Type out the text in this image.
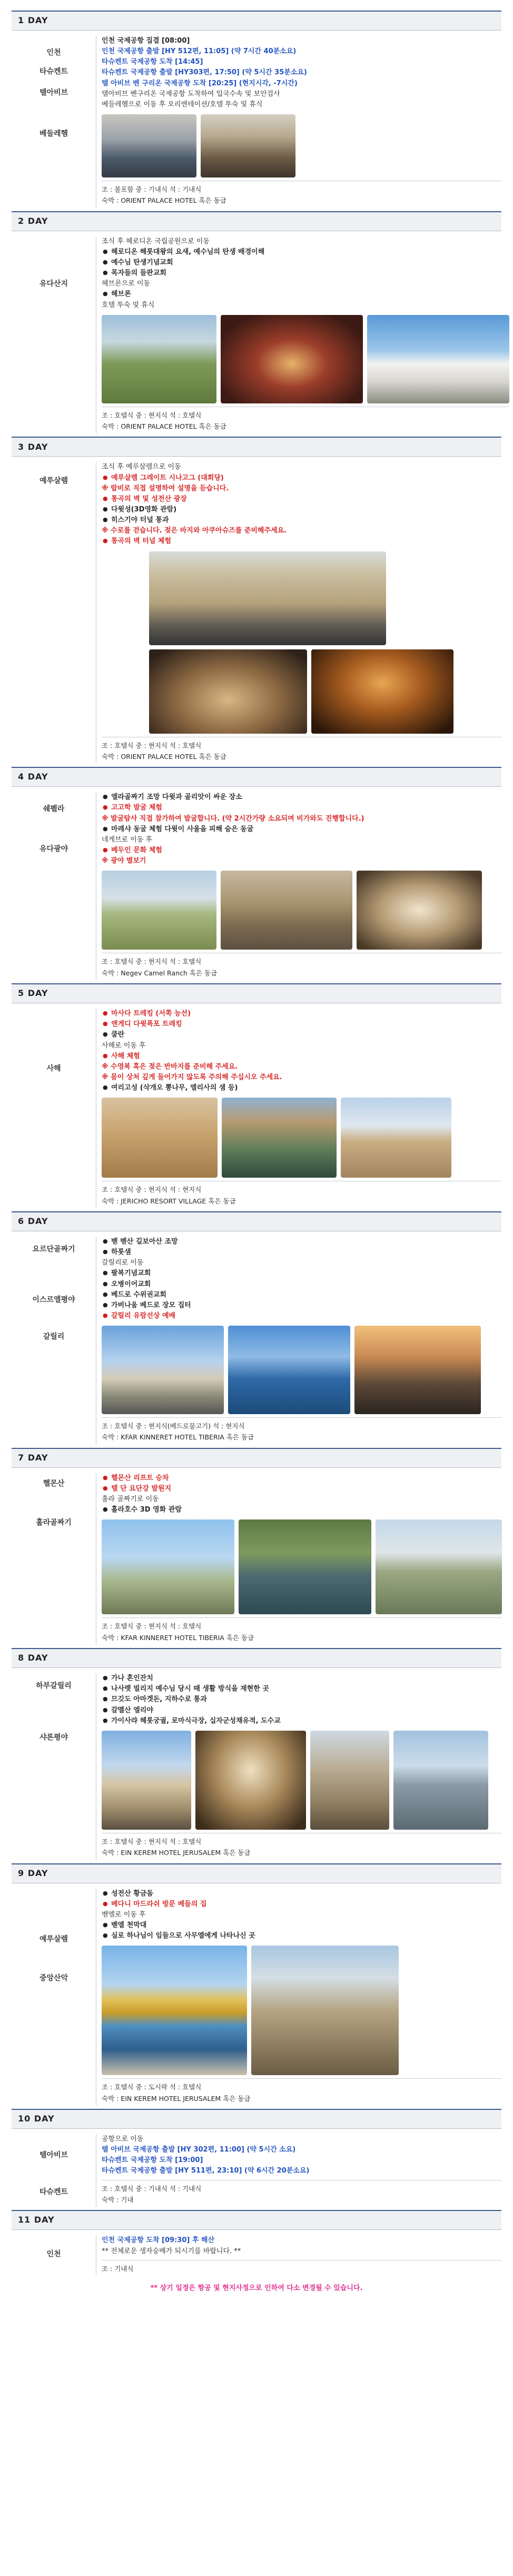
1 DAY
인천
타슈켄트
텔아비브
베들레헴
인천 국제공항 집결 [08:00]
인천 국제공항 출발 [HY 512편, 11:05] (약 7시간 40분소요)
타슈켄트 국제공항 도착 [14:45]
타슈켄트 국제공항 출발 [HY303편, 17:50] (약 5시간 35분소요)
텔 아비브 벤 구리온 국제공항 도착 [20:25] (현지시각, -7시간)
텔아비브 벤구리온 국제공항 도착하여 입국수속 및 보안검사
베들레헴으로 이동 후 오리엔테이션/호텔 투숙 및 휴식
조 : 불포함 중 : 기내식 석 : 기내식
숙박 : ORIENT PALACE HOTEL 혹은 동급
2 DAY
유다산지
조식 후 헤로디온 국립공원으로 이동
● 헤로디온 해롯대왕의 요새, 예수님의 탄생 배경이해
● 예수님 탄생기념교회
● 목자들의 들판교회
헤브론으로 이동
● 헤브론
호텔 투숙 및 휴식
조 : 호텔식 중 : 현지식 석 : 호텔식
숙박 : ORIENT PALACE HOTEL 혹은 동급
3 DAY
예루살렘
조식 후 예루살렘으로 이동
● 예루살렘 그레이트 시나고그 (대회당)
※ 랍비로 직접 설명하여 설명을 듣습니다.
● 통곡의 벽 및 성전산 광장
● 다윗성(3D영화 관람)
● 히스기야 터널 통과
※ 수로를 걷습니다. 젖은 바지와 아쿠아슈즈를 준비해주세요.
● 통곡의 벽 터널 체험
조 : 호텔식 중 : 현지식 석 : 호텔식
숙박 : ORIENT PALACE HOTEL 혹은 동급
4 DAY
쉐펠라
유다광야
● 엘라골짜기 조망 다윗과 골리앗이 싸운 장소
● 고고학 발굴 체험
※ 발굴탐사 직접 참가하여 발굴합니다. (약 2시간가량 소요되며 비가와도 진행합니다.)
● 마레샤 동굴 체험 다윗이 사울을 피해 숨은 동굴
네게브로 이동 후
● 베두인 문화 체험
※ 광야 별보기
조 : 호텔식 중 : 현지식 석 : 호텔식
숙박 : Negev Camel Ranch 혹은 동급
5 DAY
사해
● 마사다 트레킹 (서쪽 능선)
● 엔게디 다윗폭포 트레킹
● 쿰란
사해로 이동 후
● 사해 체험
※ 수영복 혹은 젖은 반바지를 준비해 주세요.
※ 몸이 상처 깊게 들어가지 않도록 주의해 주십시오 주세요.
● 여리고성 (삭개오 뽕나무, 엘리사의 샘 등)
조 : 호텔식 중 : 현지식 석 : 현지식
숙박 : JERICHO RESORT VILLAGE 혹은 동급
6 DAY
요르단골짜기
이스르엘평야
갈릴리
● 벧 벧산 길보아산 조망
● 하롯샘
갈릴리로 이동
● 팔복기념교회
● 오병이어교회
● 베드로 수위권교회
● 가버나움 베드로 장모 집터
● 갈릴리 유람선상 예배
조 : 호텔식 중 : 현지식(베드로물고기) 석 : 현지식
숙박 : KFAR KINNERET HOTEL TIBERIA 혹은 동급
7 DAY
헬몬산
훌라골짜기
● 헬몬산 리프트 승차
● 텔 단 요단강 발원지
훌라 골짜기로 이동
● 훌라호수 3D 영화 관람
조 : 호텔식 중 : 현지식 석 : 호텔식
숙박 : KFAR KINNERET HOTEL TIBERIA 혹은 동급
8 DAY
하부갈릴리
샤론평야
● 가나 혼인잔치
● 나사렛 빌리지 예수님 당시 때 생활 방식을 재현한 곳
● 므깃도 아마겟돈, 지하수로 통과
● 갈멜산 엘리야
● 가이사랴 헤롯궁궐, 로마식극장, 십자군성채유적, 도수교
조 : 호텔식 중 : 현지식 석 : 호텔식
숙박 : EIN KEREM HOTEL JERUSALEM 혹은 동급
9 DAY
예루살렘
중앙산악
● 성전산 황금돔
● 베다니 마드라쉬 방문 베들의 집
벧엘로 이동 후
● 벧엘 천막대
● 실로 하나님이 임들으로 사무엘에게 나타나신 곳
조 : 호텔식 중 : 도시락 석 : 호텔식
숙박 : EIN KEREM HOTEL JERUSALEM 혹은 동급
10 DAY
텔아비브
타슈켄트
공항으로 이동
텔 아비브 국제공항 출발 [HY 302편, 11:00] (약 5시간 소요)
타슈켄트 국제공항 도착 [19:00]
타슈켄트 국제공항 출발 [HY 511편, 23:10] (약 6시간 20분소요)
조 : 호텔식 중 : 기내식 석 : 기내식
숙박 : 기내
11 DAY
인천
인천 국제공항 도착 [09:30] 후 해산
** 전체로운 생자숭배가 되시기를 바랍니다. **
조 : 기내식
** 상기 일정은 항공 및 현지사정으로 인하여 다소 변경될 수 있습니다.
